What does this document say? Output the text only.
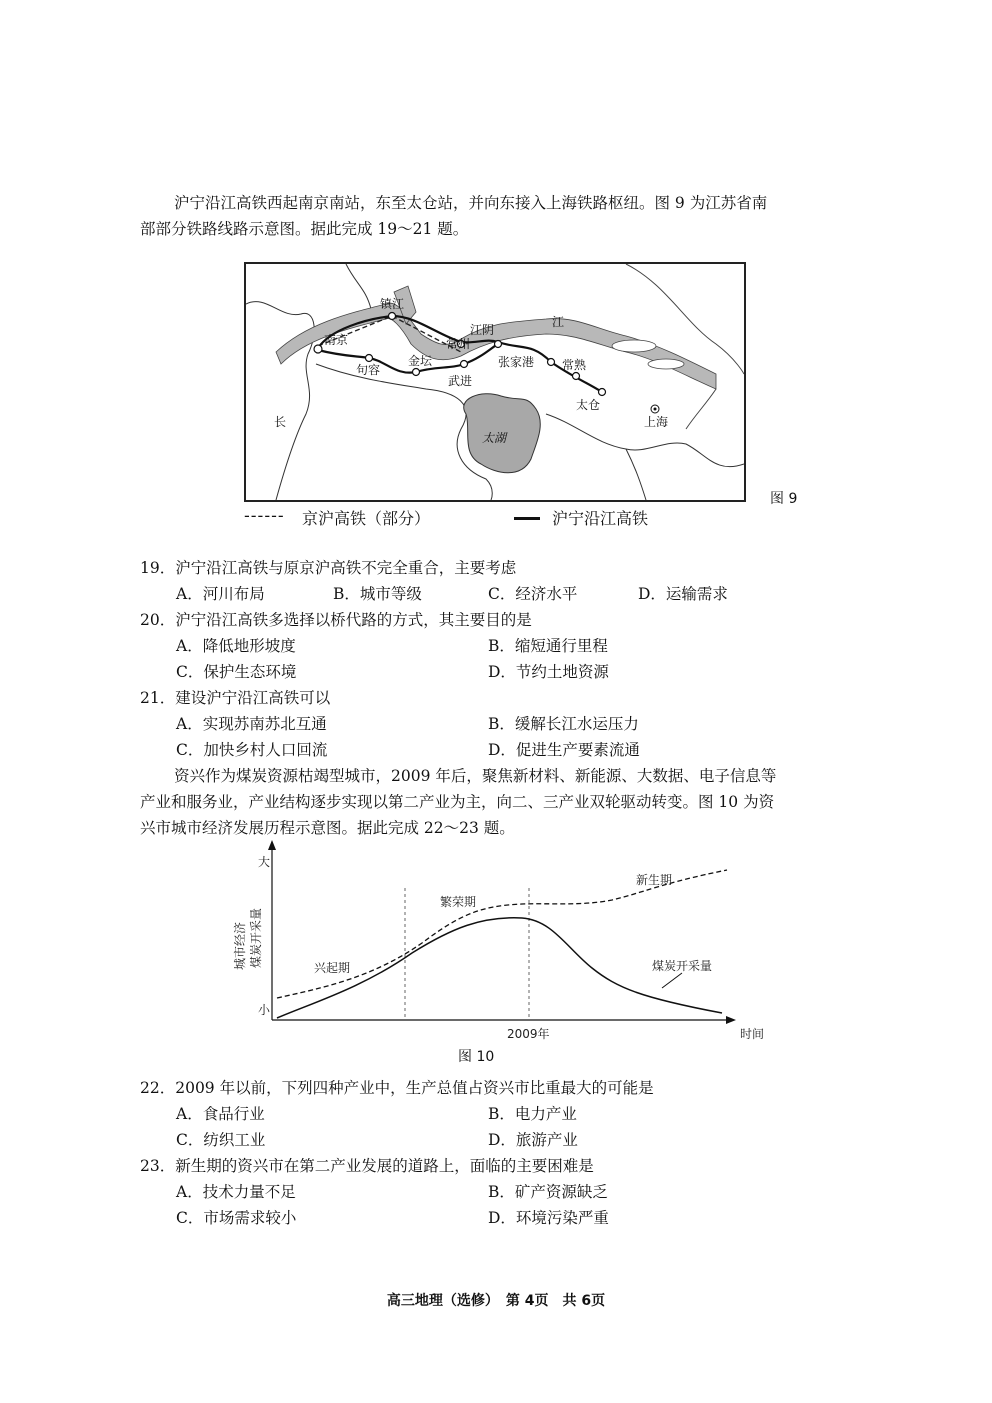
沪宁沿江高铁西起南京南站，东至太仓站，并向东接入上海铁路枢纽。图 9 为江苏省南
部部分铁路线路示意图。据此完成 19～21 题。
镇江
南京
句容
金坛
常州
江阴
武进
张家港 常熟
太仓
上海
江
长
太湖
图 9
------ 京沪高铁（部分）	沪宁沿江高铁
19．沪宁沿江高铁与原京沪高铁不完全重合，主要考虑
A．河川布局	B．城市等级	C．经济水平	D．运输需求
20．沪宁沿江高铁多选择以桥代路的方式，其主要目的是
A．降低地形坡度	B．缩短通行里程
C．保护生态环境	D．节约土地资源
21．建设沪宁沿江高铁可以
A．实现苏南苏北互通	B．缓解长江水运压力
C．加快乡村人口回流	D．促进生产要素流通
资兴作为煤炭资源枯竭型城市，2009 年后，聚焦新材料、新能源、大数据、电子信息等
产业和服务业，产业结构逐步实现以第二产业为主，向二、三产业双轮驱动转变。图 10 为资
兴市城市经济发展历程示意图。据此完成 22～23 题。
大
小
城市经济 煤炭开采量	兴起期
繁荣期
新生期
煤炭开采量
2009年	时间
图 10
22．2009 年以前，下列四种产业中，生产总值占资兴市比重最大的可能是
A．食品行业	B．电力产业
C．纺织工业	D．旅游产业
23．新生期的资兴市在第二产业发展的道路上，面临的主要困难是
A．技术力量不足	B．矿产资源缺乏
C．市场需求较小	D．环境污染严重
高三地理（选修）　第 4页　共 6页
